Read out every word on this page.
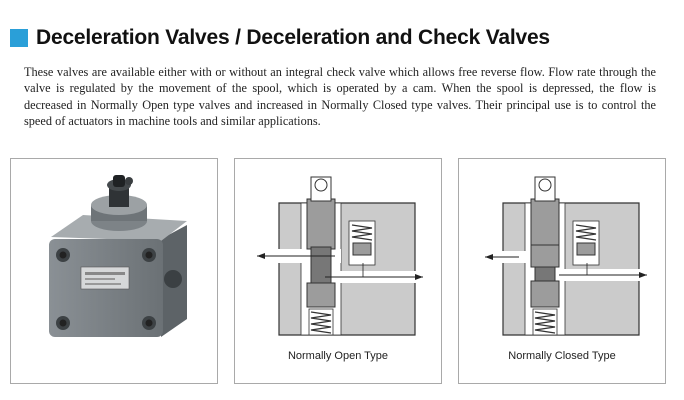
Deceleration Valves / Deceleration and Check Valves
These valves are available either with or without an integral check valve which allows free reverse flow. Flow rate through the valve is regulated by the movement of the spool, which is operated by a cam. When the spool is depressed, the flow is decreased in Normally Open type valves and increased in Normally Closed type valves. Their principal use is to control the speed of actuators in machine tools and similar applications.
Normally Open Type	Normally Closed Type
